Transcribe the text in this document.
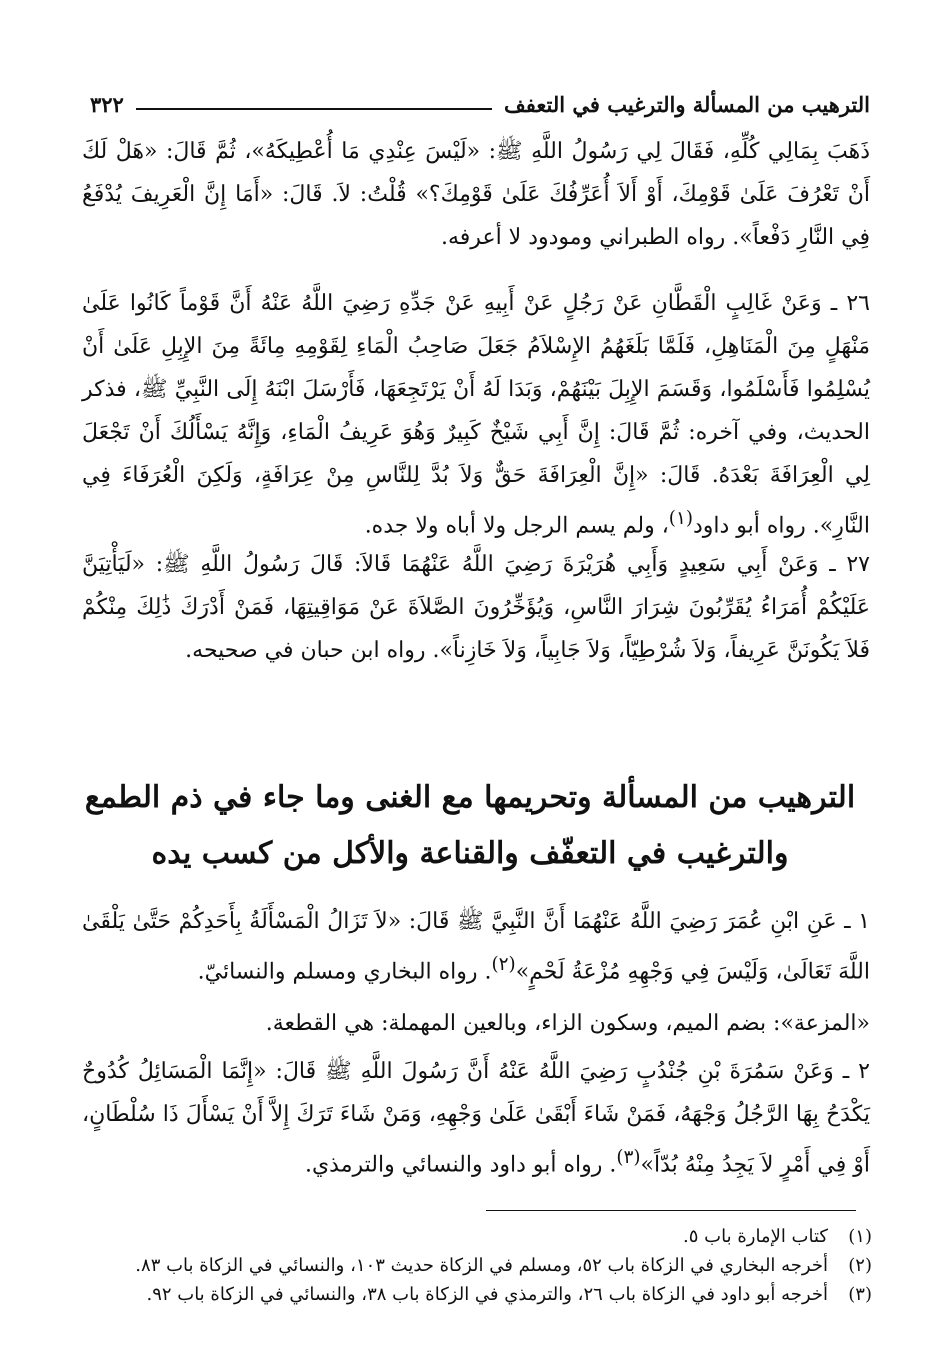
الترهيب من المسألة والترغيب في التعفف
٣٢٢

ذَهَبَ بِمَالِي كُلِّهِ، فَقَالَ لِي رَسُولُ اللَّهِ ﷺ: «لَيْسَ عِنْدِي مَا أُعْطِيكَهُ»، ثُمَّ قَالَ: «هَلْ لَكَ أَنْ تَعْرُفَ عَلَىٰ قَوْمِكَ، أَوْ أَلاَ أُعَرِّفُكَ عَلَىٰ قَوْمِكَ؟» قُلْتُ: لاَ. قَالَ: «أَمَا إِنَّ الْعَرِيفَ يُدْفَعُ فِي النَّارِ دَفْعاً». رواه الطبراني ومودود لا أعرفه.

٢٦ ـ وَعَنْ غَالِبٍ الْقَطَّانِ عَنْ رَجُلٍ عَنْ أَبِيهِ عَنْ جَدِّهِ رَضِيَ اللَّهُ عَنْهُ أَنَّ قَوْماً كَانُوا عَلَىٰ مَنْهَلٍ مِنَ الْمَنَاهِلِ، فَلَمَّا بَلَغَهُمُ الإِسْلاَمُ جَعَلَ صَاحِبُ الْمَاءِ لِقَوْمِهِ مِائَةً مِنَ الإِبِلِ عَلَىٰ أَنْ يُسْلِمُوا فَأَسْلَمُوا، وَقَسَمَ الإِبِلَ بَيْنَهُمْ، وَبَدَا لَهُ أَنْ يَرْتَجِعَهَا، فَأَرْسَلَ ابْنَهُ إِلَى النَّبِيِّ ﷺ، فذكر الحديث، وفي آخره: ثُمَّ قَالَ: إِنَّ أَبِي شَيْخٌ كَبِيرٌ وَهُوَ عَرِيفُ الْمَاءِ، وَإِنَّهُ يَسْأَلُكَ أَنْ تَجْعَلَ لِي الْعِرَافَةَ بَعْدَهُ. قَالَ: «إِنَّ الْعِرَافَةَ حَقٌّ وَلاَ بُدَّ لِلنَّاسِ مِنْ عِرَافَةٍ، وَلَكِنَ الْعُرَفَاءَ فِي النَّارِ». رواه أبو داود$^{(١)}$، ولم يسم الرجل ولا أباه ولا جده.

٢٧ ـ وَعَنْ أَبِي سَعِيدٍ وَأَبِي هُرَيْرَةَ رَضِيَ اللَّهُ عَنْهُمَا قَالاَ: قَالَ رَسُولُ اللَّهِ ﷺ: «لَيَأْتِيَنَّ عَلَيْكُمْ أُمَرَاءُ يُقَرِّبُونَ شِرَارَ النَّاسِ، وَيُؤَخِّرُونَ الصَّلاَةَ عَنْ مَوَاقِيتِهَا، فَمَنْ أَدْرَكَ ذَٰلِكَ مِنْكُمْ فَلاَ يَكُونَنَّ عَرِيفاً، وَلاَ شُرْطِيّاً، وَلاَ جَابِياً، وَلاَ خَازِناً». رواه ابن حبان في صحيحه.

الترهيب من المسألة وتحريمها مع الغنى وما جاء في ذم الطمع
والترغيب في التعفّف والقناعة والأكل من كسب يده

١ ـ عَنِ ابْنِ عُمَرَ رَضِيَ اللَّهُ عَنْهُمَا أَنَّ النَّبِيَّ ﷺ قَالَ: «لاَ تَزَالُ الْمَسْأَلَةُ بِأَحَدِكُمْ حَتَّىٰ يَلْقَىٰ اللَّهَ تَعَالَىٰ، وَلَيْسَ فِي وَجْهِهِ مُزْعَةُ لَحْمٍ»$^{(٢)}$. رواه البخاري ومسلم والنسائيّ.

«المزعة»: بضم الميم، وسكون الزاء، وبالعين المهملة: هي القطعة.

٢ ـ وَعَنْ سَمُرَةَ بْنِ جُنْدُبٍ رَضِيَ اللَّهُ عَنْهُ أَنَّ رَسُولَ اللَّهِ ﷺ قَالَ: «إِنَّمَا الْمَسَائِلُ كُدُوحٌ يَكْدَحُ بِهَا الرَّجُلُ وَجْهَهُ، فَمَنْ شَاءَ أَبْقَىٰ عَلَىٰ وَجْهِهِ، وَمَنْ شَاءَ تَرَكَ إِلاَّ أَنْ يَسْأَلَ ذَا سُلْطَانٍ، أَوْ فِي أَمْرٍ لاَ يَجِدُ مِنْهُ بُدّاً»$^{(٣)}$. رواه أبو داود والنسائي والترمذي.

(١)
كتاب الإمارة باب ٥.
(٢)
أخرجه البخاري في الزكاة باب ٥٢، ومسلم في الزكاة حديث ١٠٣، والنسائي في الزكاة باب ٨٣.
(٣)
أخرجه أبو داود في الزكاة باب ٢٦، والترمذي في الزكاة باب ٣٨، والنسائي في الزكاة باب ٩٢.
